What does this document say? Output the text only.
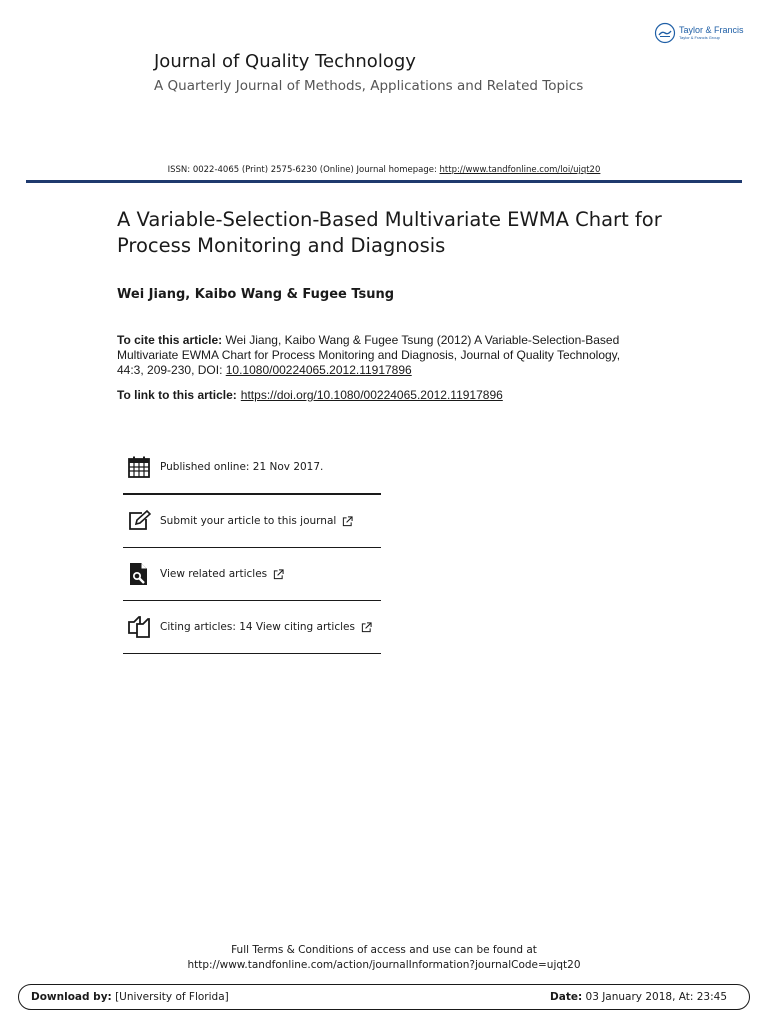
Taylor & Francis
Taylor & Francis Group
Journal of Quality Technology
A Quarterly Journal of Methods, Applications and Related Topics
ISSN: 0022-4065 (Print) 2575-6230 (Online) Journal homepage: http://www.tandfonline.com/loi/ujqt20
A Variable-Selection-Based Multivariate EWMA Chart for Process Monitoring and Diagnosis
Wei Jiang, Kaibo Wang & Fugee Tsung
To cite this article: Wei Jiang, Kaibo Wang & Fugee Tsung (2012) A Variable-Selection-Based Multivariate EWMA Chart for Process Monitoring and Diagnosis, Journal of Quality Technology, 44:3, 209-230, DOI: 10.1080/00224065.2012.11917896
To link to this article: https://doi.org/10.1080/00224065.2012.11917896
Published online: 21 Nov 2017.
Submit your article to this journal
View related articles
Citing articles: 14 View citing articles
Full Terms & Conditions of access and use can be found at
http://www.tandfonline.com/action/journalInformation?journalCode=ujqt20
Download by: [University of Florida]	Date: 03 January 2018, At: 23:45
